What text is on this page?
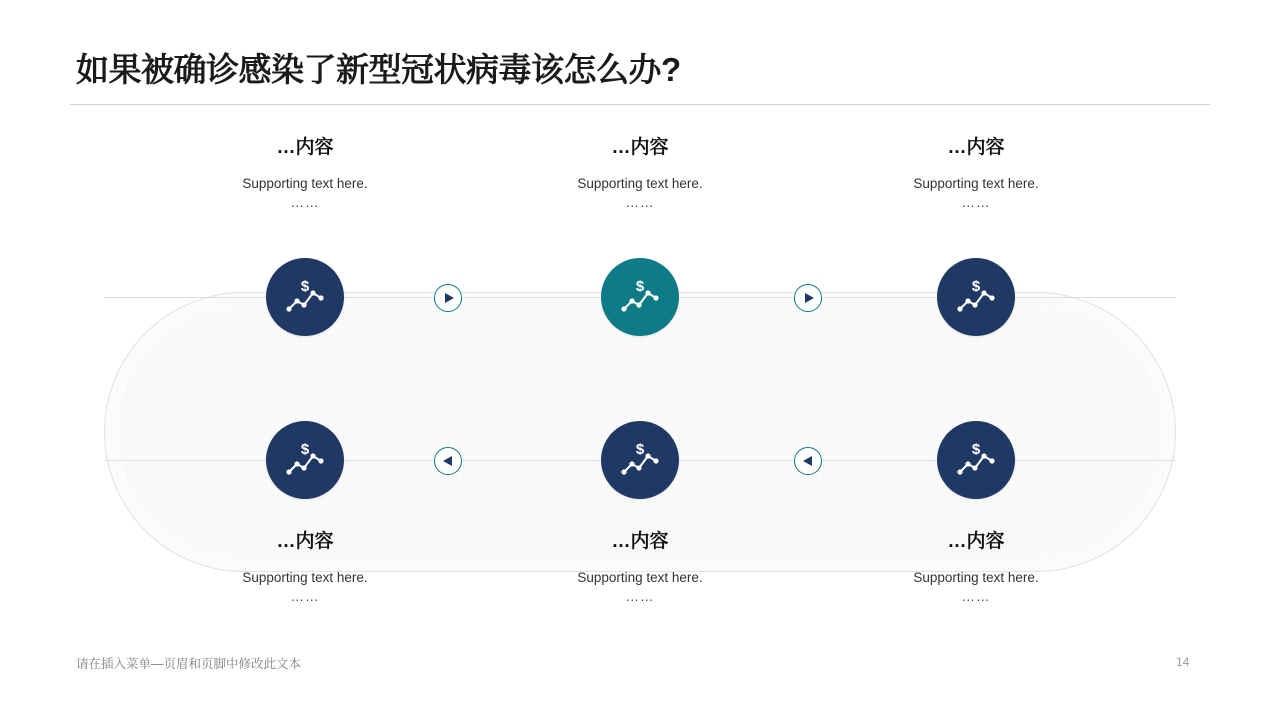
如果被确诊感染了新型冠状病毒该怎么办?
$	$	$
$	$	$
…内容
Supporting text here.
……
…内容
Supporting text here.
……
…内容
Supporting text here.
……
…内容
Supporting text here.
……
…内容
Supporting text here.
……
…内容
Supporting text here.
……
请在插入菜单—页眉和页脚中修改此文本	14
